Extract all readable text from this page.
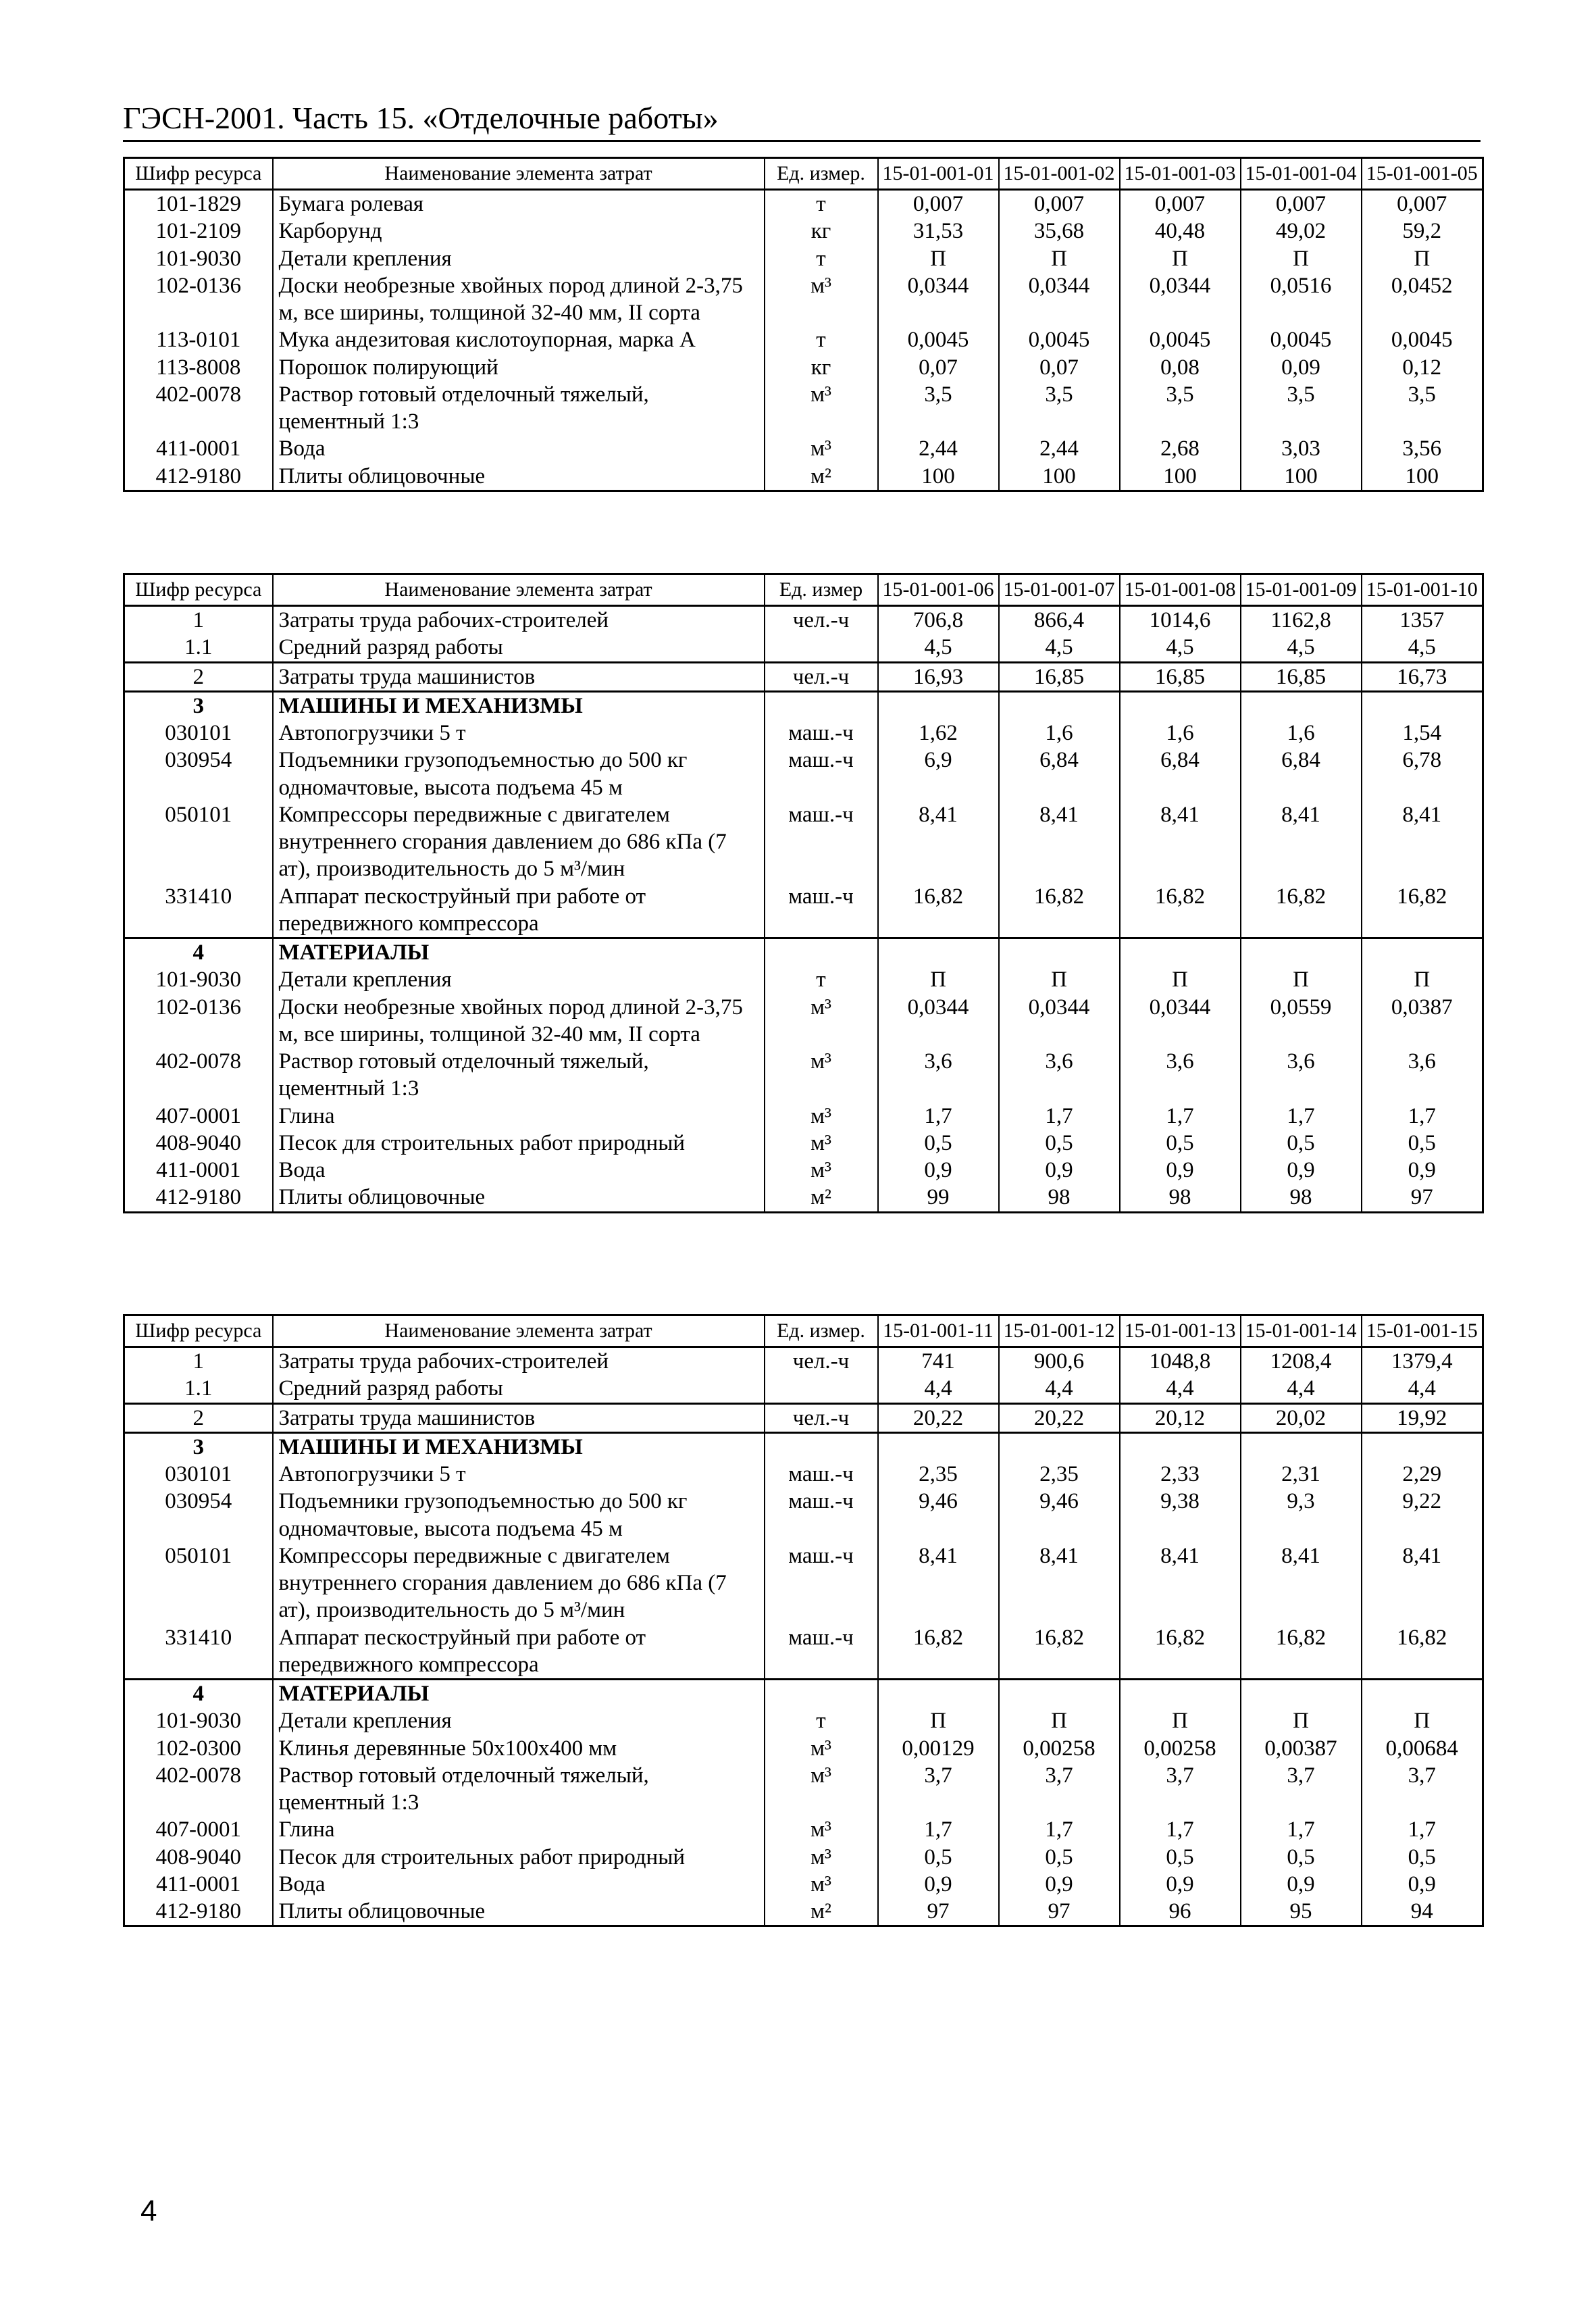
ГЭСН-2001. Часть 15. «Отделочные работы»
Шифр ресурса	Наименование элемента затрат	Ед. измер.	15-01-001-01	15-01-001-02	15-01-001-03	15-01-001-04	15-01-001-05
101-1829	Бумага ролевая	т	0,007	0,007	0,007	0,007	0,007
101-2109	Карборунд	кг	31,53	35,68	40,48	49,02	59,2
101-9030	Детали крепления	т	П	П	П	П	П
102-0136	Доски необрезные хвойных пород длиной 2-3,75 м, все ширины, толщиной 32-40 мм, II сорта	м³	0,0344	0,0344	0,0344	0,0516	0,0452
113-0101	Мука андезитовая кислотоупорная, марка А	т	0,0045	0,0045	0,0045	0,0045	0,0045
113-8008	Порошок полирующий	кг	0,07	0,07	0,08	0,09	0,12
402-0078	Раствор готовый отделочный тяжелый, цементный 1:3	м³	3,5	3,5	3,5	3,5	3,5
411-0001	Вода	м³	2,44	2,44	2,68	3,03	3,56
412-9180	Плиты облицовочные	м²	100	100	100	100	100
Шифр ресурса	Наименование элемента затрат	Ед. измер	15-01-001-06	15-01-001-07	15-01-001-08	15-01-001-09	15-01-001-10
1	Затраты труда рабочих-строителей	чел.-ч	706,8	866,4	1014,6	1162,8	1357
1.1	Средний разряд работы		4,5	4,5	4,5	4,5	4,5
2	Затраты труда машинистов	чел.-ч	16,93	16,85	16,85	16,85	16,73
3	МАШИНЫ И МЕХАНИЗМЫ						
030101	Автопогрузчики 5 т	маш.-ч	1,62	1,6	1,6	1,6	1,54
030954	Подъемники грузоподъемностью до 500 кг одномачтовые, высота подъема 45 м	маш.-ч	6,9	6,84	6,84	6,84	6,78
050101	Компрессоры передвижные с двигателем внутреннего сгорания давлением до 686 кПа (7 ат), производительность до 5 м³/мин	маш.-ч	8,41	8,41	8,41	8,41	8,41
331410	Аппарат пескоструйный при работе от передвижного компрессора	маш.-ч	16,82	16,82	16,82	16,82	16,82
4	МАТЕРИАЛЫ						
101-9030	Детали крепления	т	П	П	П	П	П
102-0136	Доски необрезные хвойных пород длиной 2-3,75 м, все ширины, толщиной 32-40 мм, II сорта	м³	0,0344	0,0344	0,0344	0,0559	0,0387
402-0078	Раствор готовый отделочный тяжелый, цементный 1:3	м³	3,6	3,6	3,6	3,6	3,6
407-0001	Глина	м³	1,7	1,7	1,7	1,7	1,7
408-9040	Песок для строительных работ природный	м³	0,5	0,5	0,5	0,5	0,5
411-0001	Вода	м³	0,9	0,9	0,9	0,9	0,9
412-9180	Плиты облицовочные	м²	99	98	98	98	97
Шифр ресурса	Наименование элемента затрат	Ед. измер.	15-01-001-11	15-01-001-12	15-01-001-13	15-01-001-14	15-01-001-15
1	Затраты труда рабочих-строителей	чел.-ч	741	900,6	1048,8	1208,4	1379,4
1.1	Средний разряд работы		4,4	4,4	4,4	4,4	4,4
2	Затраты труда машинистов	чел.-ч	20,22	20,22	20,12	20,02	19,92
3	МАШИНЫ И МЕХАНИЗМЫ						
030101	Автопогрузчики 5 т	маш.-ч	2,35	2,35	2,33	2,31	2,29
030954	Подъемники грузоподъемностью до 500 кг одномачтовые, высота подъема 45 м	маш.-ч	9,46	9,46	9,38	9,3	9,22
050101	Компрессоры передвижные с двигателем внутреннего сгорания давлением до 686 кПа (7 ат), производительность до 5 м³/мин	маш.-ч	8,41	8,41	8,41	8,41	8,41
331410	Аппарат пескоструйный при работе от передвижного компрессора	маш.-ч	16,82	16,82	16,82	16,82	16,82
4	МАТЕРИАЛЫ						
101-9030	Детали крепления	т	П	П	П	П	П
102-0300	Клинья деревянные 50x100x400 мм	м³	0,00129	0,00258	0,00258	0,00387	0,00684
402-0078	Раствор готовый отделочный тяжелый, цементный 1:3	м³	3,7	3,7	3,7	3,7	3,7
407-0001	Глина	м³	1,7	1,7	1,7	1,7	1,7
408-9040	Песок для строительных работ природный	м³	0,5	0,5	0,5	0,5	0,5
411-0001	Вода	м³	0,9	0,9	0,9	0,9	0,9
412-9180	Плиты облицовочные	м²	97	97	96	95	94
4
